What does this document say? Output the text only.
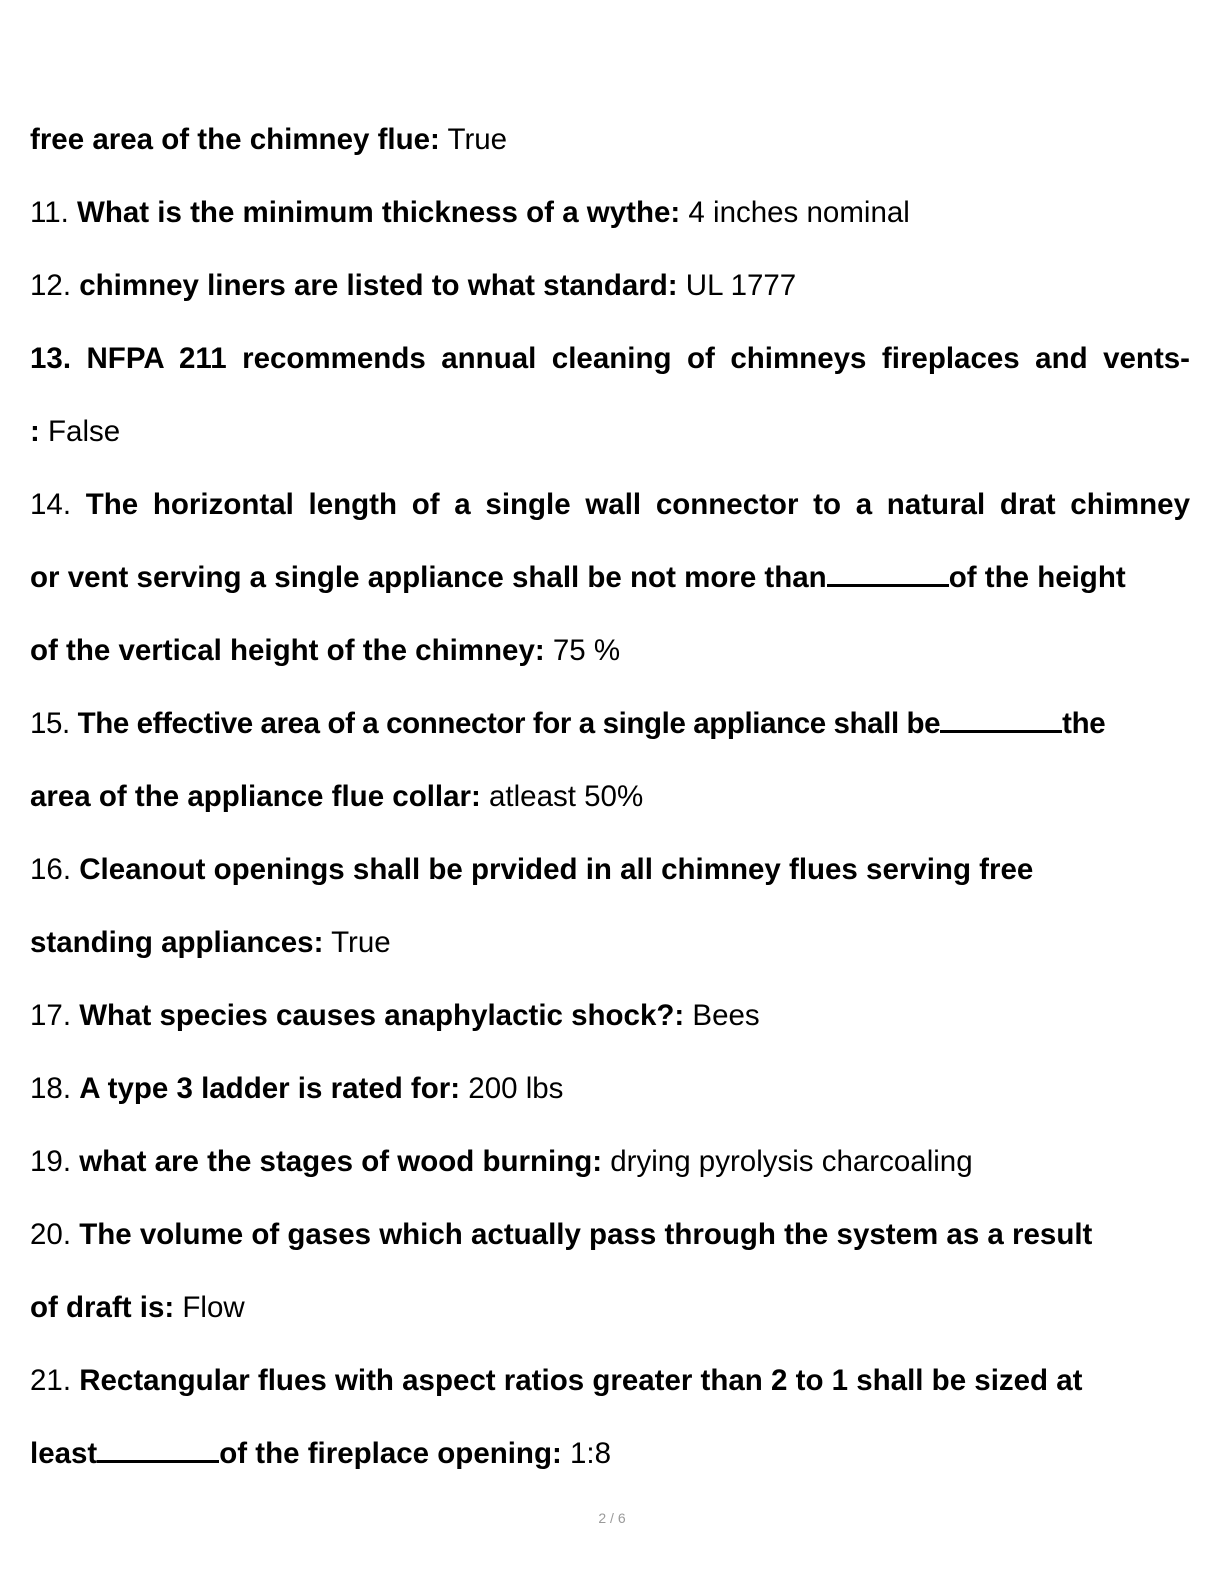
free area of the chimney flue: True
11. What is the minimum thickness of a wythe: 4 inches nominal
12. chimney liners are listed to what standard: UL 1777
13. NFPA 211 recommends annual cleaning of chimneys fireplaces and vents-
: False
14. The horizontal length of a single wall connector to a natural drat chimney
or vent serving a single appliance shall be not more than	of the height
of the vertical height of the chimney: 75 %
15. The effective area of a connector for a single appliance shall be	the
area of the appliance flue collar: atleast 50%
16. Cleanout openings shall be prvided in all chimney flues serving free
standing appliances: True
17. What species causes anaphylactic shock?: Bees
18. A type 3 ladder is rated for: 200 lbs
19. what are the stages of wood burning: drying pyrolysis charcoaling
20. The volume of gases which actually pass through the system as a result
of draft is: Flow
21. Rectangular flues with aspect ratios greater than 2 to 1 shall be sized at
least	of the fireplace opening: 1:8
2 / 6
